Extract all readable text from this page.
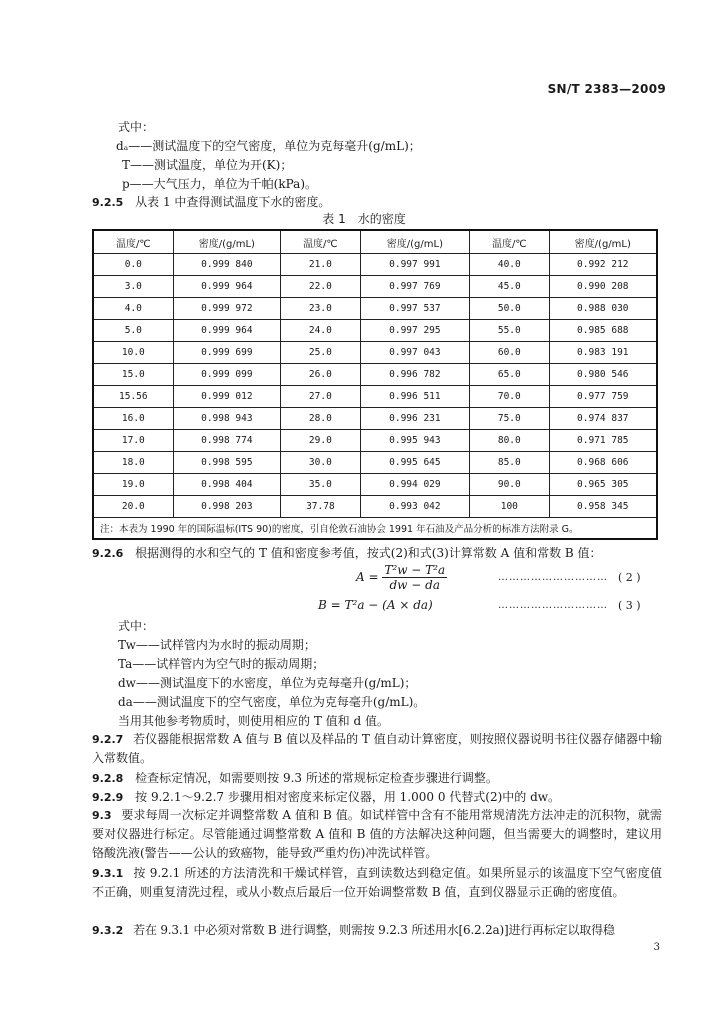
SN/T 2383—2009
式中：
dₐ——测试温度下的空气密度，单位为克每毫升(g/mL)；
T——测试温度，单位为开(K)；
p——大气压力，单位为千帕(kPa)。
9.2.5 从表 1 中查得测试温度下水的密度。
表 1　水的密度
温度/℃	密度/(g/mL)	温度/℃	密度/(g/mL)	温度/℃	密度/(g/mL)
0.0	0.999 840	21.0	0.997 991	40.0	0.992 212
3.0	0.999 964	22.0	0.997 769	45.0	0.990 208
4.0	0.999 972	23.0	0.997 537	50.0	0.988 030
5.0	0.999 964	24.0	0.997 295	55.0	0.985 688
10.0	0.999 699	25.0	0.997 043	60.0	0.983 191
15.0	0.999 099	26.0	0.996 782	65.0	0.980 546
15.56	0.999 012	27.0	0.996 511	70.0	0.977 759
16.0	0.998 943	28.0	0.996 231	75.0	0.974 837
17.0	0.998 774	29.0	0.995 943	80.0	0.971 785
18.0	0.998 595	30.0	0.995 645	85.0	0.968 606
19.0	0.998 404	35.0	0.994 029	90.0	0.965 305
20.0	0.998 203	37.78	0.993 042	100	0.958 345
注：本表为 1990 年的国际温标(ITS 90)的密度，引自伦敦石油协会 1991 年石油及产品分析的标准方法附录 G。					
9.2.6 根据测得的水和空气的 T 值和密度参考值，按式(2)和式(3)计算常数 A 值和常数 B 值：
$A = \frac{\text{T²w − T²a}}{dw - da}$	………………………… ( 2 )
B = T²a − (A × da)	………………………… ( 3 )
式中：
Tw——试样管内为水时的振动周期；
Ta——试样管内为空气时的振动周期；
dw——测试温度下的水密度，单位为克每毫升(g/mL)；
da——测试温度下的空气密度，单位为克每毫升(g/mL)。
当用其他参考物质时，则使用相应的 T 值和 d 值。
9.2.7 若仪器能根据常数 A 值与 B 值以及样品的 T 值自动计算密度，则按照仪器说明书往仪器存储器中输入常数值。
9.2.8 检查标定情况，如需要则按 9.3 所述的常规标定检查步骤进行调整。
9.2.9 按 9.2.1～9.2.7 步骤用相对密度来标定仪器，用 1.000 0 代替式(2)中的 dw。
9.3 要求每周一次标定并调整常数 A 值和 B 值。如试样管中含有不能用常规清洗方法冲走的沉积物，就需要对仪器进行标定。尽管能通过调整常数 A 值和 B 值的方法解决这种问题，但当需要大的调整时，建议用铬酸洗液(警告——公认的致癌物，能导致严重灼伤)冲洗试样管。
9.3.1 按 9.2.1 所述的方法清洗和干燥试样管，直到读数达到稳定值。如果所显示的该温度下空气密度值不正确，则重复清洗过程，或从小数点后最后一位开始调整常数 B 值，直到仪器显示正确的密度值。
9.3.2 若在 9.3.1 中必须对常数 B 进行调整，则需按 9.2.3 所述用水[6.2.2a)]进行再标定以取得稳
3
